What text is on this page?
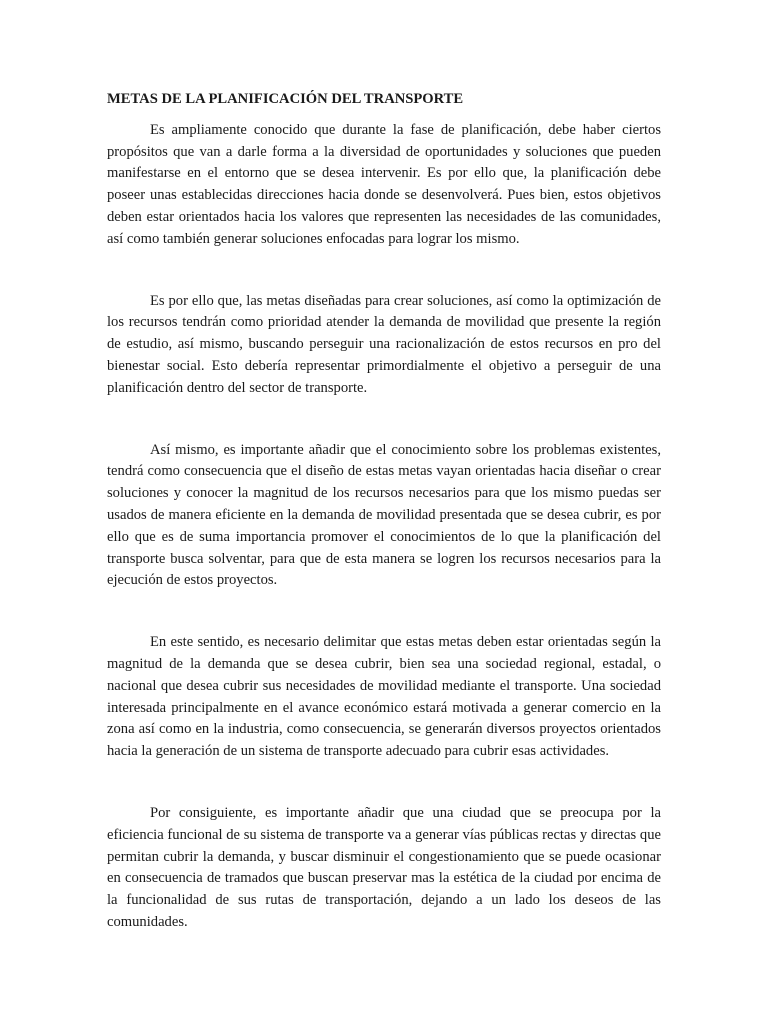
METAS DE LA PLANIFICACIÓN DEL TRANSPORTE

Es ampliamente conocido que durante la fase de planificación, debe haber ciertos propósitos que van a darle forma a la diversidad de oportunidades y soluciones que pueden manifestarse en el entorno que se desea intervenir. Es por ello que, la planificación debe poseer unas establecidas direcciones hacia donde se desenvolverá. Pues bien, estos objetivos deben estar orientados hacia los valores que representen las necesidades de las comunidades, así como también generar soluciones enfocadas para lograr los mismo.

Es por ello que, las metas diseñadas para crear soluciones, así como la optimización de los recursos tendrán como prioridad atender la demanda de movilidad que presente la región de estudio, así mismo, buscando perseguir una racionalización de estos recursos en pro del bienestar social. Esto debería representar primordialmente el objetivo a perseguir de una planificación dentro del sector de transporte.

Así mismo, es importante añadir que el conocimiento sobre los problemas existentes, tendrá como consecuencia que el diseño de estas metas vayan orientadas hacia diseñar o crear soluciones y conocer la magnitud de los recursos necesarios para que los mismo puedas ser usados de manera eficiente en la demanda de movilidad presentada que se desea cubrir, es por ello que es de suma importancia promover el conocimientos de lo que la planificación del transporte busca solventar, para que de esta manera se logren los recursos necesarios para la ejecución de estos proyectos.

En este sentido, es necesario delimitar que estas metas deben estar orientadas según la magnitud de la demanda que se desea cubrir, bien sea una sociedad regional, estadal, o nacional que desea cubrir sus necesidades de movilidad mediante el transporte. Una sociedad interesada principalmente en el avance económico estará motivada a generar comercio en la zona así como en la industria, como consecuencia, se generarán diversos proyectos orientados hacia la generación de un sistema de transporte adecuado para cubrir esas actividades.

Por consiguiente, es importante añadir que una ciudad que se preocupa por la eficiencia funcional de su sistema de transporte va a generar vías públicas rectas y directas que permitan cubrir la demanda, y buscar disminuir el congestionamiento que se puede ocasionar en consecuencia de tramados que buscan preservar mas la estética de la ciudad por encima de la funcionalidad de sus rutas de transportación, dejando a un lado los deseos de las comunidades.
